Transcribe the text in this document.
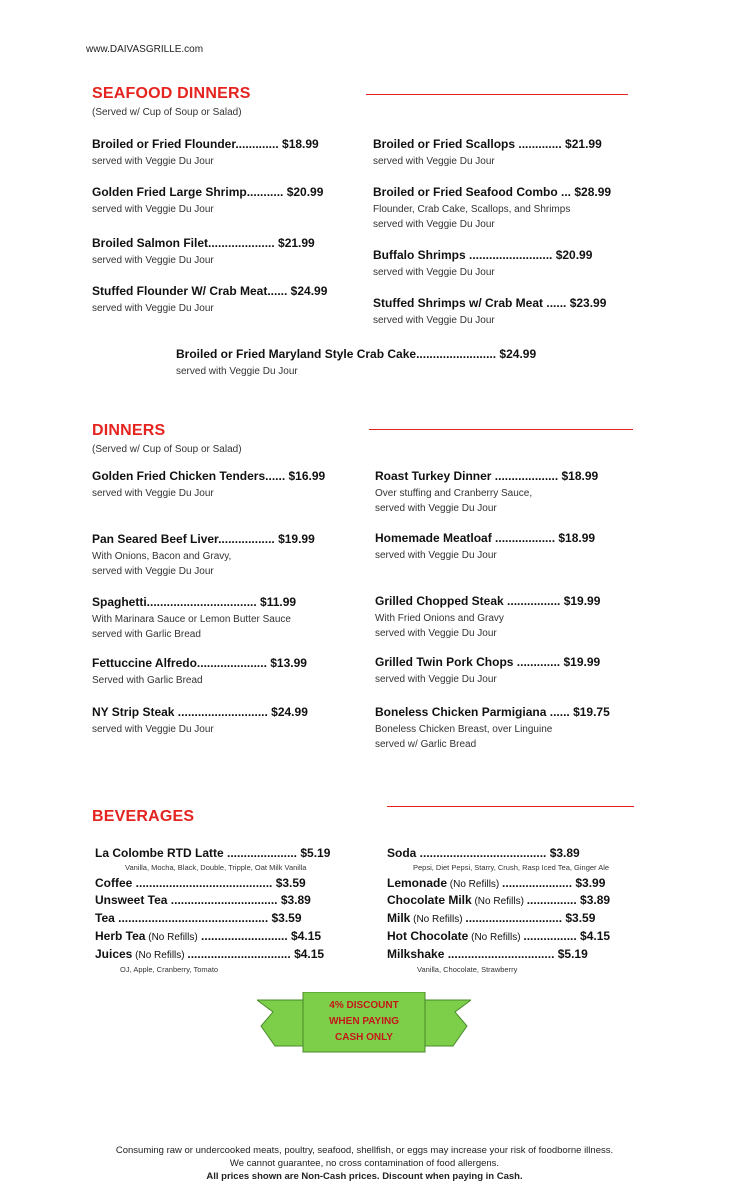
www.DAIVASGRILLE.com
SEAFOOD DINNERS
(Served w/ Cup of Soup or Salad)
Broiled or Fried Flounder............. $18.99
served with Veggie Du Jour
Golden Fried Large Shrimp........... $20.99
served with Veggie Du Jour
Broiled Salmon Filet.................... $21.99
served with Veggie Du Jour
Stuffed Flounder W/ Crab Meat...... $24.99
served with Veggie Du Jour
Broiled or Fried Scallops ............. $21.99
served with Veggie Du Jour
Broiled or Fried Seafood Combo ... $28.99
Flounder, Crab Cake, Scallops, and Shrimps
served with Veggie Du Jour
Buffalo Shrimps ......................... $20.99
served with Veggie Du Jour
Stuffed Shrimps w/ Crab Meat ...... $23.99
served with Veggie Du Jour
Broiled or Fried Maryland Style Crab Cake........................ $24.99
served with Veggie Du Jour
DINNERS
(Served w/ Cup of Soup or Salad)
Golden Fried Chicken Tenders...... $16.99
served with Veggie Du Jour
Pan Seared Beef Liver................. $19.99
With Onions, Bacon and Gravy,
served with Veggie Du Jour
Spaghetti................................. $11.99
With Marinara Sauce or Lemon Butter Sauce
served with Garlic Bread
Fettuccine Alfredo..................... $13.99
Served with Garlic Bread
NY Strip Steak ........................... $24.99
served with Veggie Du Jour
Roast Turkey Dinner ................... $18.99
Over stuffing and Cranberry Sauce,
served with Veggie Du Jour
Homemade Meatloaf .................. $18.99
served with Veggie Du Jour
Grilled Chopped Steak ................ $19.99
With Fried Onions and Gravy
served with Veggie Du Jour
Grilled Twin Pork Chops ............. $19.99
served with Veggie Du Jour
Boneless Chicken Parmigiana ...... $19.75
Boneless Chicken Breast, over Linguine
served w/ Garlic Bread
BEVERAGES
La Colombe RTD Latte ..................... $5.19
Vanilla, Mocha, Black, Double, Tripple, Oat Milk Vanilla
Coffee ......................................... $3.59
Unsweet Tea ................................ $3.89
Tea ............................................. $3.59
Herb Tea (No Refills) .......................... $4.15
Juices (No Refills) ............................... $4.15
OJ, Apple, Cranberry, Tomato
Soda ...................................... $3.89
Pepsi, Diet Pepsi, Starry, Crush, Rasp Iced Tea, Ginger Ale
Lemonade (No Refills) ..................... $3.99
Chocolate Milk (No Refills) ............... $3.89
Milk (No Refills) ............................. $3.59
Hot Chocolate (No Refills) ................ $4.15
Milkshake ................................ $5.19
Vanilla, Chocolate, Strawberry
4% DISCOUNT
WHEN PAYING
CASH ONLY
Consuming raw or undercooked meats, poultry, seafood, shellfish, or eggs may increase your risk of foodborne illness.
We cannot guarantee, no cross contamination of food allergens.
All prices shown are Non-Cash prices. Discount when paying in Cash.
